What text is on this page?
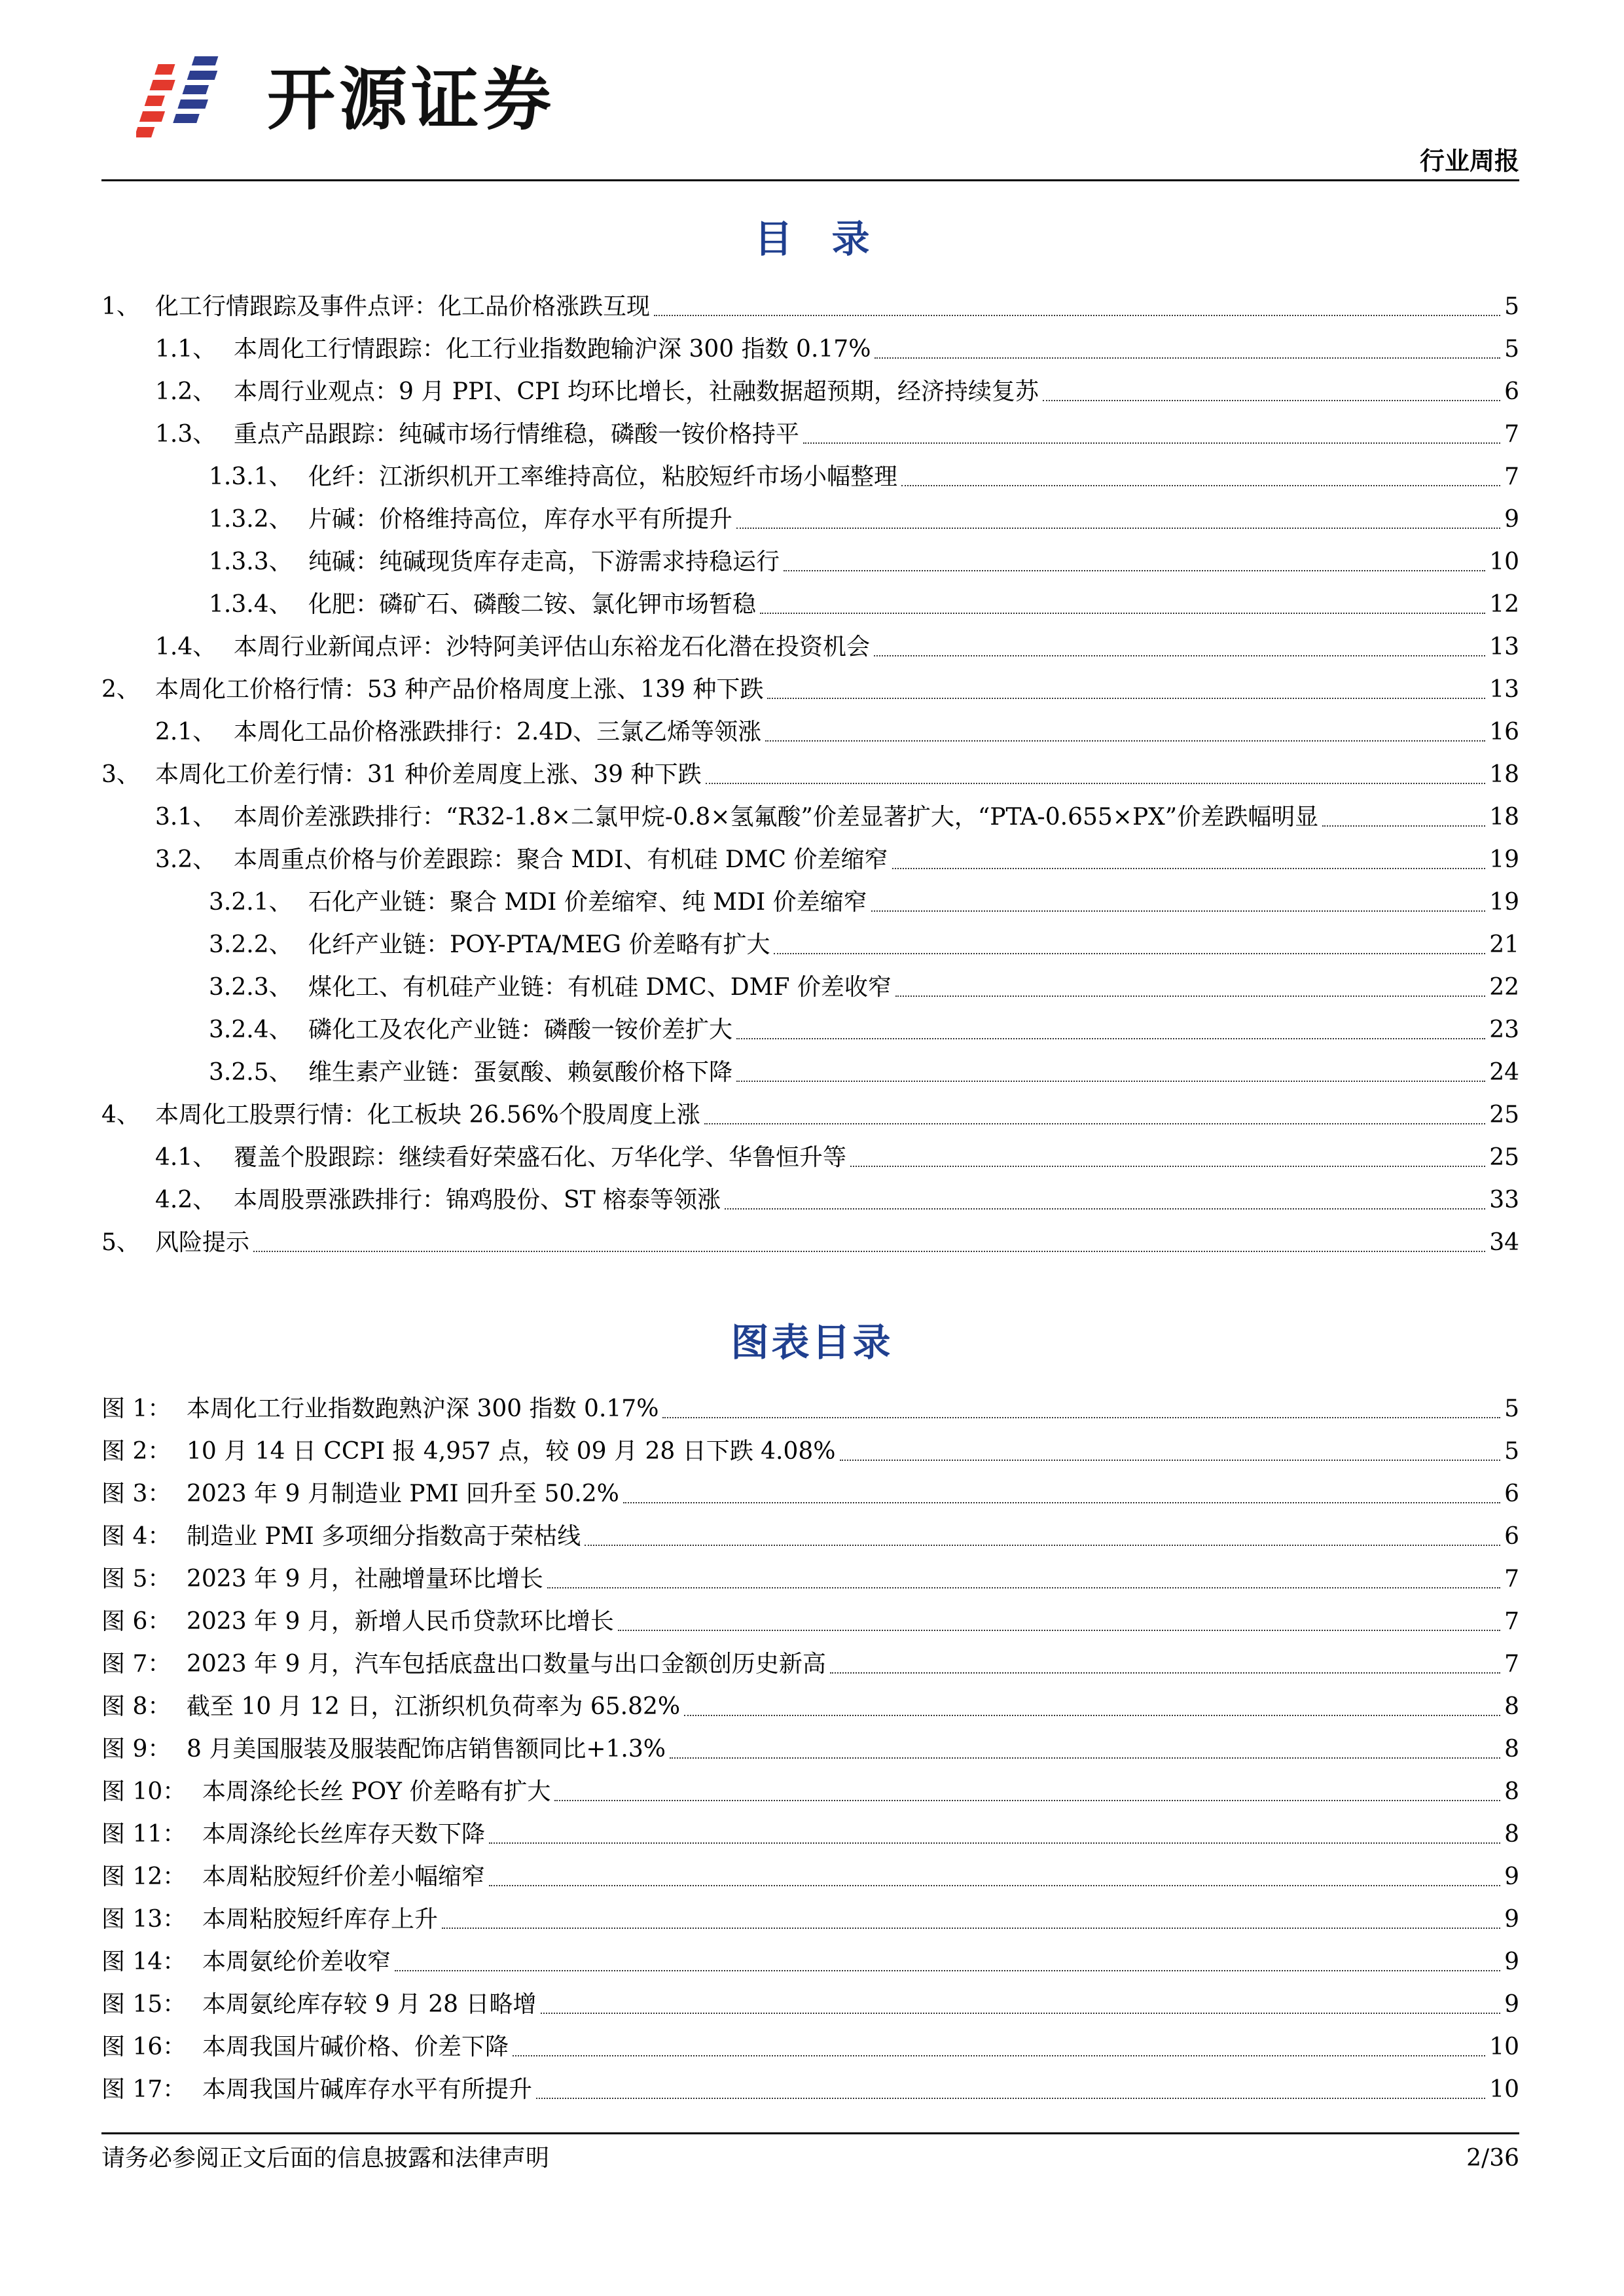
开源证券
行业周报
目录
1、 化工行情跟踪及事件点评：化工品价格涨跌互现	5
1.1、 本周化工行情跟踪：化工行业指数跑输沪深 300 指数 0.17%	5
1.2、 本周行业观点：9 月 PPI、CPI 均环比增长，社融数据超预期，经济持续复苏	6
1.3、 重点产品跟踪：纯碱市场行情维稳，磷酸一铵价格持平	7
1.3.1、 化纤：江浙织机开工率维持高位，粘胶短纤市场小幅整理	7
1.3.2、 片碱：价格维持高位，库存水平有所提升	9
1.3.3、 纯碱：纯碱现货库存走高，下游需求持稳运行	10
1.3.4、 化肥：磷矿石、磷酸二铵、氯化钾市场暂稳	12
1.4、 本周行业新闻点评：沙特阿美评估山东裕龙石化潜在投资机会	13
2、 本周化工价格行情：53 种产品价格周度上涨、139 种下跌	13
2.1、 本周化工品价格涨跌排行：2.4D、三氯乙烯等领涨	16
3、 本周化工价差行情：31 种价差周度上涨、39 种下跌	18
3.1、 本周价差涨跌排行：“R32-1.8×二氯甲烷-0.8×氢氟酸”价差显著扩大，“PTA-0.655×PX”价差跌幅明显	18
3.2、 本周重点价格与价差跟踪：聚合 MDI、有机硅 DMC 价差缩窄	19
3.2.1、 石化产业链：聚合 MDI 价差缩窄、纯 MDI 价差缩窄	19
3.2.2、 化纤产业链：POY-PTA/MEG 价差略有扩大	21
3.2.3、 煤化工、有机硅产业链：有机硅 DMC、DMF 价差收窄	22
3.2.4、 磷化工及农化产业链：磷酸一铵价差扩大	23
3.2.5、 维生素产业链：蛋氨酸、赖氨酸价格下降	24
4、 本周化工股票行情：化工板块 26.56%个股周度上涨	25
4.1、 覆盖个股跟踪：继续看好荣盛石化、万华化学、华鲁恒升等	25
4.2、 本周股票涨跌排行：锦鸡股份、ST 榕泰等领涨	33
5、 风险提示	34
图表目录
图 1： 本周化工行业指数跑熟沪深 300 指数 0.17%	5
图 2： 10 月 14 日 CCPI 报 4,957 点，较 09 月 28 日下跌 4.08%	5
图 3： 2023 年 9 月制造业 PMI 回升至 50.2%	6
图 4： 制造业 PMI 多项细分指数高于荣枯线	6
图 5： 2023 年 9 月，社融增量环比增长	7
图 6： 2023 年 9 月，新增人民币贷款环比增长	7
图 7： 2023 年 9 月，汽车包括底盘出口数量与出口金额创历史新高	7
图 8： 截至 10 月 12 日，江浙织机负荷率为 65.82%	8
图 9： 8 月美国服装及服装配饰店销售额同比+1.3%	8
图 10： 本周涤纶长丝 POY 价差略有扩大	8
图 11： 本周涤纶长丝库存天数下降	8
图 12： 本周粘胶短纤价差小幅缩窄	9
图 13： 本周粘胶短纤库存上升	9
图 14： 本周氨纶价差收窄	9
图 15： 本周氨纶库存较 9 月 28 日略增	9
图 16： 本周我国片碱价格、价差下降	10
图 17： 本周我国片碱库存水平有所提升	10
请务必参阅正文后面的信息披露和法律声明	2/36
